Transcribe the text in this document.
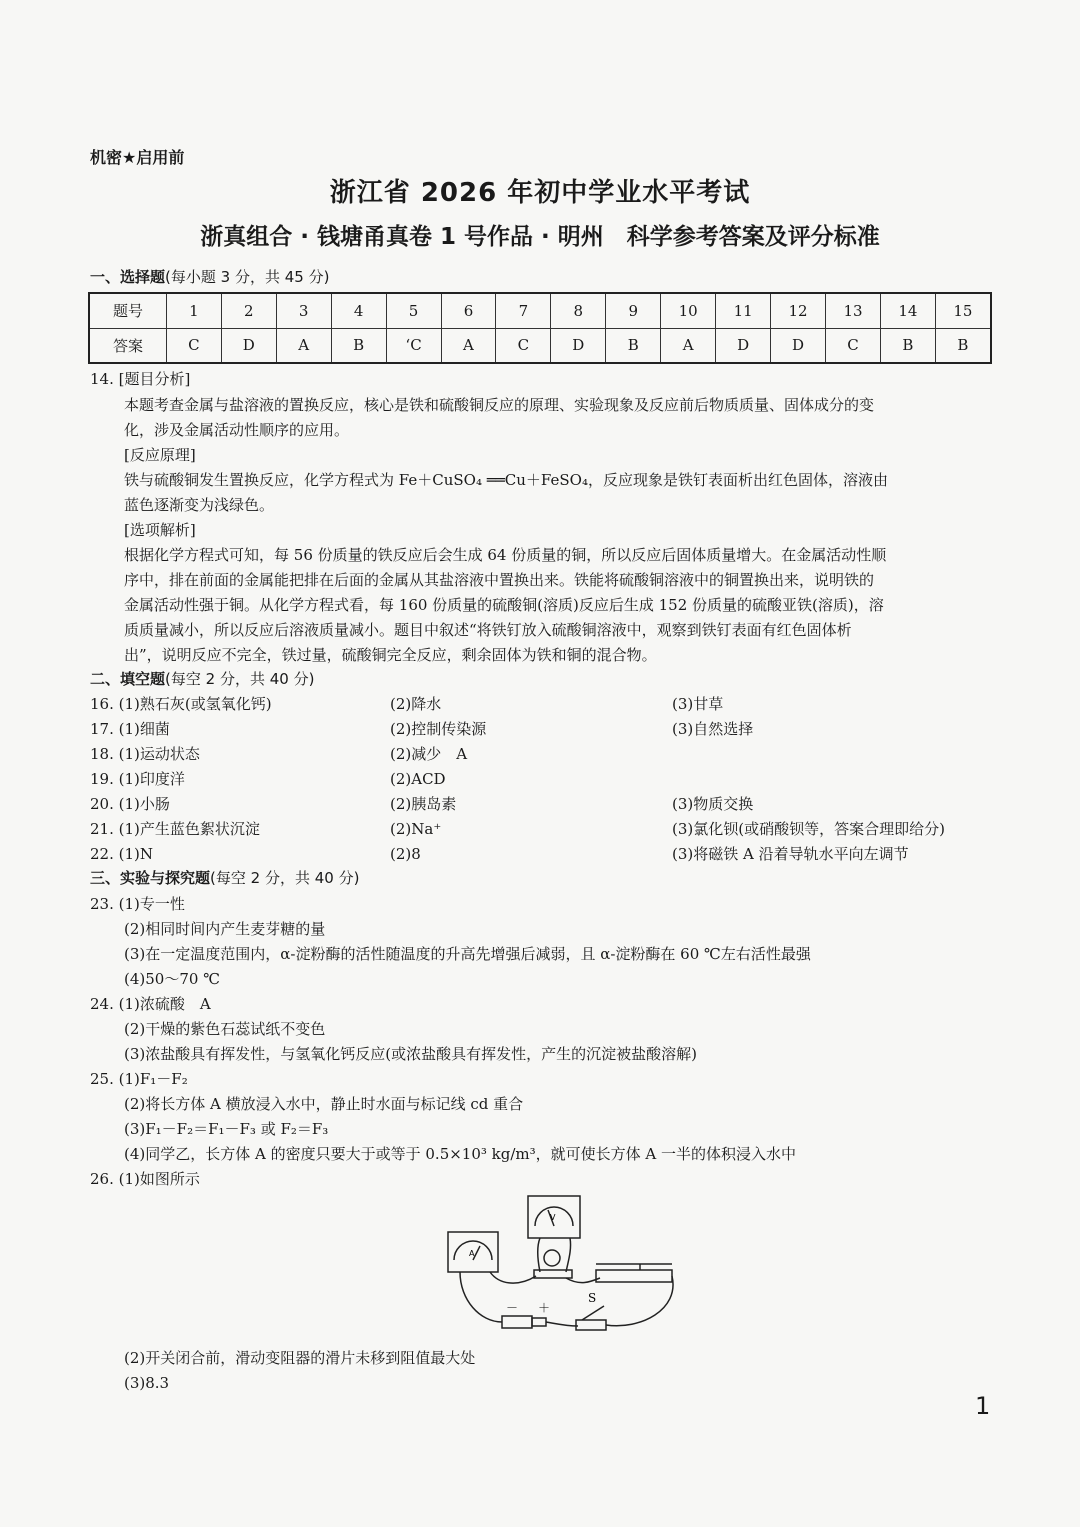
机密★启用前
浙江省 2026 年初中学业水平考试
浙真组合 · 钱塘甬真卷 1 号作品 · 明州　科学参考答案及评分标准
一、选择题(每小题 3 分，共 45 分)
题号	1	2	3	4	5	6	7	8	9	10	11	12	13	14	15
答案	C	D	A	B	ʻC	A	C	D	B	A	D	D	C	B	B
14. [题目分析]
本题考查金属与盐溶液的置换反应，核心是铁和硫酸铜反应的原理、实验现象及反应前后物质质量、固体成分的变
化，涉及金属活动性顺序的应用。
[反应原理]
铁与硫酸铜发生置换反应，化学方程式为 Fe＋CuSO₄ ══Cu＋FeSO₄，反应现象是铁钉表面析出红色固体，溶液由
蓝色逐渐变为浅绿色。
[选项解析]
根据化学方程式可知，每 56 份质量的铁反应后会生成 64 份质量的铜，所以反应后固体质量增大。在金属活动性顺
序中，排在前面的金属能把排在后面的金属从其盐溶液中置换出来。铁能将硫酸铜溶液中的铜置换出来，说明铁的
金属活动性强于铜。从化学方程式看，每 160 份质量的硫酸铜(溶质)反应后生成 152 份质量的硫酸亚铁(溶质)，溶
质质量减小，所以反应后溶液质量减小。题目中叙述“将铁钉放入硫酸铜溶液中，观察到铁钉表面有红色固体析
出”，说明反应不完全，铁过量，硫酸铜完全反应，剩余固体为铁和铜的混合物。
二、填空题(每空 2 分，共 40 分)
16. (1)熟石灰(或氢氧化钙)	(2)降水	(3)甘草
17. (1)细菌	(2)控制传染源	(3)自然选择
18. (1)运动状态	(2)减少　A
19. (1)印度洋	(2)ACD
20. (1)小肠	(2)胰岛素	(3)物质交换
21. (1)产生蓝色絮状沉淀	(2)Na⁺	(3)氯化钡(或硝酸钡等，答案合理即给分)
22. (1)N	(2)8	(3)将磁铁 A 沿着导轨水平向左调节
三、实验与探究题(每空 2 分，共 40 分)
23. (1)专一性
(2)相同时间内产生麦芽糖的量
(3)在一定温度范围内，α-淀粉酶的活性随温度的升高先增强后减弱，且 α-淀粉酶在 60 ℃左右活性最强
(4)50～70 ℃
24. (1)浓硫酸　A
(2)干燥的紫色石蕊试纸不变色
(3)浓盐酸具有挥发性，与氢氧化钙反应(或浓盐酸具有挥发性，产生的沉淀被盐酸溶解)
25. (1)F₁－F₂
(2)将长方体 A 横放浸入水中，静止时水面与标记线 cd 重合
(3)F₁－F₂＝F₁－F₃ 或 F₂＝F₃
(4)同学乙，长方体 A 的密度只要大于或等于 0.5×10³ kg/m³，就可使长方体 A 一半的体积浸入水中
26. (1)如图所示
－ ＋
S
A
V
(2)开关闭合前，滑动变阻器的滑片未移到阻值最大处
(3)8.3
1
